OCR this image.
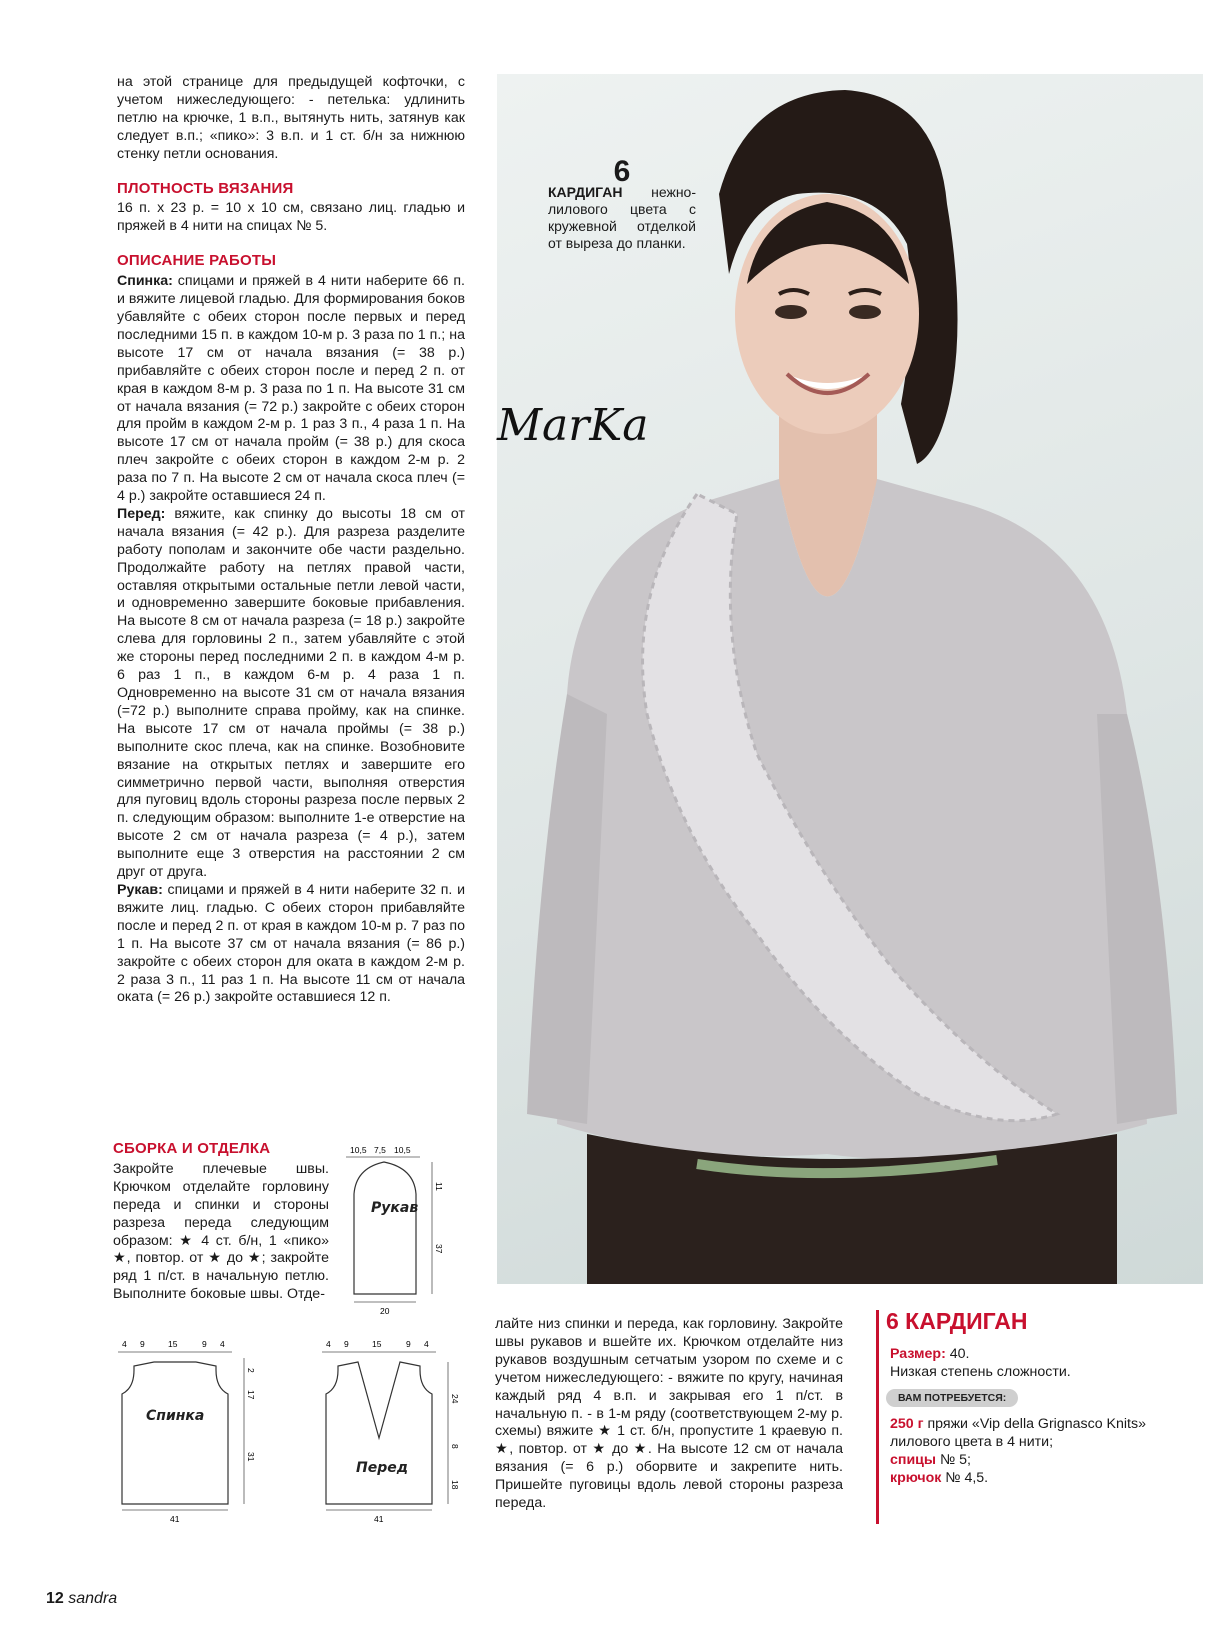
на этой странице для предыдущей кофточки, с учетом нижеследующего: - петелька: удлинить петлю на крючке, 1 в.п., вытянуть нить, затянув как следует в.п.; «пико»: 3 в.п. и 1 ст. б/н за нижнюю стенку петли основания.

ПЛОТНОСТЬ ВЯЗАНИЯ

16 п. х 23 р. = 10 х 10 см, связано лиц. гладью и пряжей в 4 нити на спицах № 5.

ОПИСАНИЕ РАБОТЫ

Спинка: спицами и пряжей в 4 нити наберите 66 п. и вяжите лицевой гладью. Для формирования боков убавляйте с обеих сторон после первых и перед последними 15 п. в каждом 10-м р. 3 раза по 1 п.; на высоте 17 см от начала вязания (= 38 р.) прибавляйте с обеих сторон после и перед 2 п. от края в каждом 8-м р. 3 раза по 1 п. На высоте 31 см от начала вязания (= 72 р.) закройте с обеих сторон для пройм в каждом 2-м р. 1 раз 3 п., 4 раза 1 п. На высоте 17 см от начала пройм (= 38 р.) для скоса плеч закройте с обеих сторон в каждом 2-м р. 2 раза по 7 п. На высоте 2 см от начала скоса плеч (= 4 р.) закройте оставшиеся 24 п.

Перед: вяжите, как спинку до высоты 18 см от начала вязания (= 42 р.). Для разреза разделите работу пополам и закончите обе части раздельно. Продолжайте работу на петлях правой части, оставляя открытыми остальные петли левой части, и одновременно завершите боковые прибавления. На высоте 8 см от начала разреза (= 18 р.) закройте слева для горловины 2 п., затем убавляйте с этой же стороны перед последними 2 п. в каждом 4-м р. 6 раз 1 п., в каждом 6-м р. 4 раза 1 п. Одновременно на высоте 31 см от начала вязания (=72 р.) выполните справа пройму, как на спинке. На высоте 17 см от начала проймы (= 38 р.) выполните скос плеча, как на спинке. Возобновите вязание на открытых петлях и завершите его симметрично первой части, выполняя отверстия для пуговиц вдоль стороны разреза после первых 2 п. следующим образом: выполните 1-е отверстие на высоте 2 см от начала разреза (= 4 р.), затем выполните еще 3 отверстия на расстоянии 2 см друг от друга.

Рукав: спицами и пряжей в 4 нити наберите 32 п. и вяжите лиц. гладью. С обеих сторон прибавляйте после и перед 2 п. от края в каждом 10-м р. 7 раз по 1 п. На высоте 37 см от начала вязания (= 86 р.) закройте с обеих сторон для оката в каждом 2-м р. 2 раза 3 п., 11 раз 1 п. На высоте 11 см от начала оката (= 26 р.) закройте оставшиеся 12 п.

СБОРКА И ОТДЕЛКА

Закройте плечевые швы. Крючком отделайте горловину переда и спинки и стороны разреза переда следующим образом: ★ 4 ст. б/н, 1 «пико» ★, повтор. от ★ до ★; закройте ряд 1 п/ст. в начальную петлю. Выполните боковые швы. Отде-

10,5 7,5 10,5
Рукав
11
37
20
4 9	15	9 4
Спинка
2
17
31
41
4 9	15	9 4
Перед
24
8
18
41
6

КАРДИГАН нежно-лилового цвета с кружевной отделкой от выреза до планки.

MarKa

лайте низ спинки и переда, как горловину. Закройте швы рукавов и вшейте их. Крючком отделайте низ рукавов воздушным сетчатым узором по схеме и с учетом нижеследующего: - вяжите по кругу, начиная каждый ряд 4 в.п. и закрывая его 1 п/ст. в начальную п. - в 1-м ряду (соответствующем 2-му р. схемы) вяжите ★ 1 ст. б/н, пропустите 1 краевую п. ★, повтор. от ★ до ★. На высоте 12 см от начала вязания (= 6 р.) оборвите и закрепите нить. Пришейте пуговицы вдоль левой стороны разреза переда.

6 КАРДИГАН
Размер: 40.
Низкая степень сложности.
ВАМ ПОТРЕБУЕТСЯ:
250 г пряжи «Vip della Grignasco Knits» лилового цвета в 4 нити;
спицы № 5;
крючок № 4,5.
12 sandra
